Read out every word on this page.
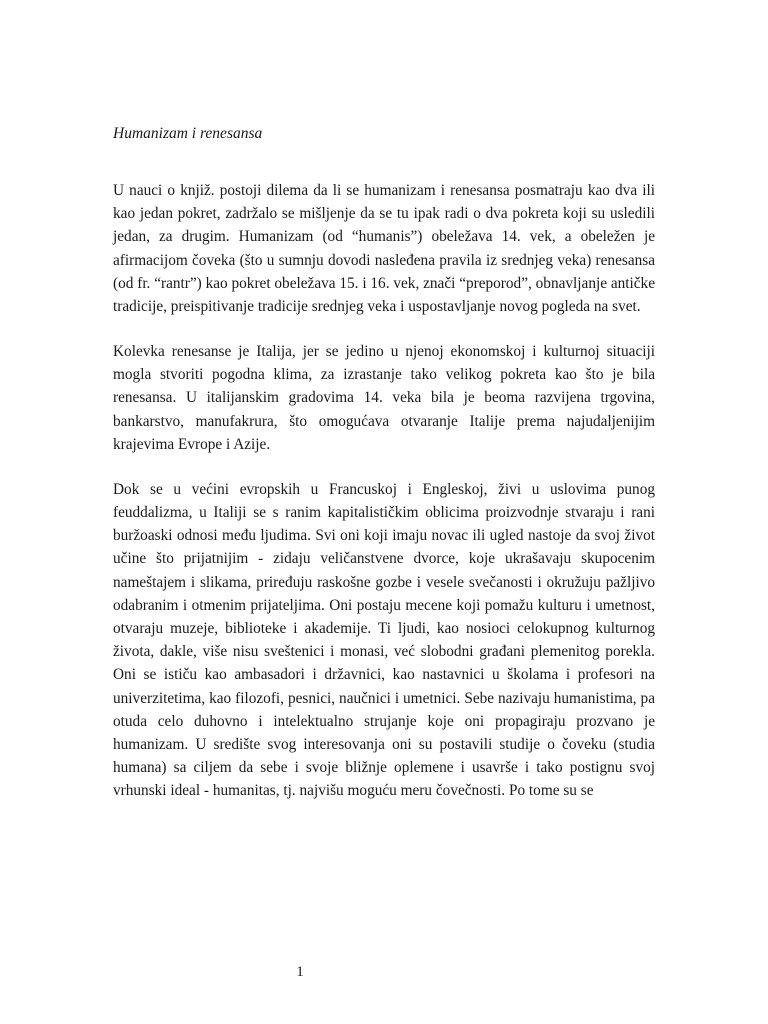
Humanizam i renesansa

U nauci o knjiž. postoji dilema da li se humanizam i renesansa posmatraju kao dva ili kao jedan pokret, zadržalo se mišljenje da se tu ipak radi o dva pokreta koji su usledili jedan, za drugim. Humanizam (od “humanis”) obeležava 14. vek, a obeležen je afirmacijom čoveka (što u sumnju dovodi nasleđena pravila iz srednjeg veka) renesansa (od fr. “rantr”) kao pokret obeležava 15. i 16. vek, znači “preporod”, obnavljanje antičke tradicije, preispitivanje tradicije srednjeg veka i uspostavljanje novog pogleda na svet.

Kolevka renesanse je Italija, jer se jedino u njenoj ekonomskoj i kulturnoj situaciji mogla stvoriti pogodna klima, za izrastanje tako velikog pokreta kao što je bila renesansa. U italijanskim gradovima 14. veka bila je beoma razvijena trgovina, bankarstvo, manufakrura, što omogućava otvaranje Italije prema najudaljenijim krajevima Evrope i Azije.

Dok se u većini evropskih u Francuskoj i Engleskoj, živi u uslovima punog feuddalizma, u Italiji se s ranim kapitalističkim oblicima proizvodnje stvaraju i rani buržoaski odnosi među ljudima. Svi oni koji imaju novac ili ugled nastoje da svoj život učine što prijatnijim - zidaju veličanstvene dvorce, koje ukrašavaju skupocenim nameštajem i slikama, priređuju raskošne gozbe i vesele svečanosti i okružuju pažljivo odabranim i otmenim prijateljima. Oni postaju mecene koji pomažu kulturu i umetnost, otvaraju muzeje, biblioteke i akademije. Ti ljudi, kao nosioci celokupnog kulturnog života, dakle, više nisu sveštenici i monasi, već slobodni građani plemenitog porekla. Oni se ističu kao ambasadori i državnici, kao nastavnici u školama i profesori na univerzitetima, kao filozofi, pesnici, naučnici i umetnici. Sebe nazivaju humanistima, pa otuda celo duhovno i intelektualno strujanje koje oni propagiraju prozvano je humanizam. U središte svog interesovanja oni su postavili studije o čoveku (studia humana) sa ciljem da sebe i svoje bližnje oplemene i usavrše i tako postignu svoj vrhunski ideal - humanitas, tj. najvišu moguću meru čovečnosti. Po tome su se

1
